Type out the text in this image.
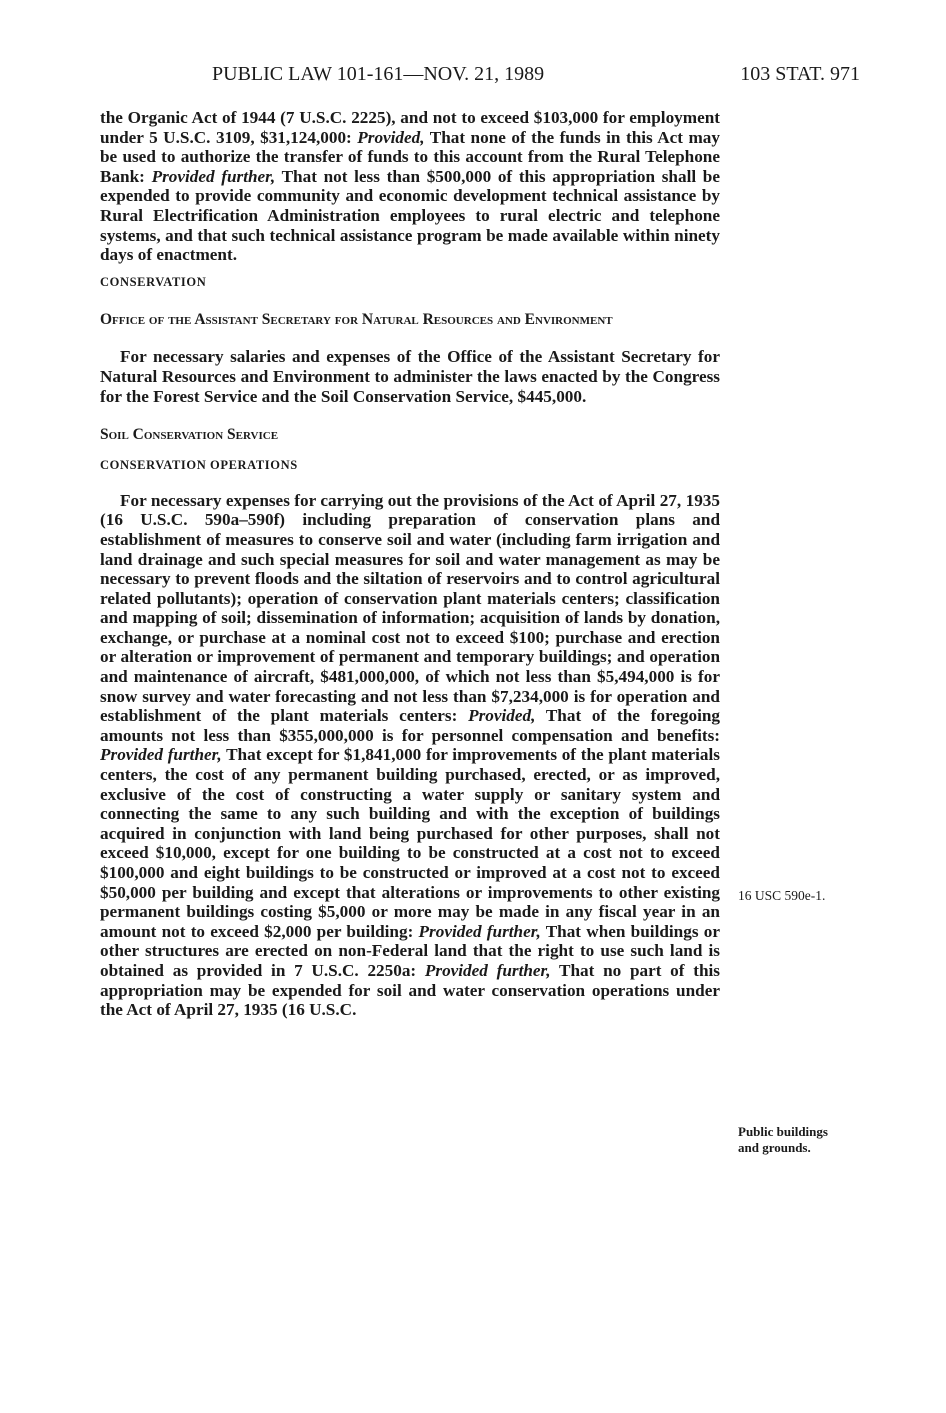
PUBLIC LAW 101-161—NOV. 21, 1989	103 STAT. 971

the Organic Act of 1944 (7 U.S.C. 2225), and not to exceed $103,000 for employment under 5 U.S.C. 3109, $31,124,000: Provided, That none of the funds in this Act may be used to authorize the transfer of funds to this account from the Rural Telephone Bank: Provided further, That not less than $500,000 of this appropriation shall be expended to provide community and economic development technical assistance by Rural Electrification Administration employees to rural electric and telephone systems, and that such technical assistance program be made available within ninety days of enactment.

CONSERVATION

Office of the Assistant Secretary for Natural Resources and Environment

For necessary salaries and expenses of the Office of the Assistant Secretary for Natural Resources and Environment to administer the laws enacted by the Congress for the Forest Service and the Soil Conservation Service, $445,000.

Soil Conservation Service

CONSERVATION OPERATIONS

For necessary expenses for carrying out the provisions of the Act of April 27, 1935 (16 U.S.C. 590a–590f) including preparation of conservation plans and establishment of measures to conserve soil and water (including farm irrigation and land drainage and such special measures for soil and water management as may be necessary to prevent floods and the siltation of reservoirs and to control agricultural related pollutants); operation of conservation plant materials centers; classification and mapping of soil; dissemination of information; acquisition of lands by donation, exchange, or purchase at a nominal cost not to exceed $100; purchase and erection or alteration or improvement of permanent and temporary buildings; and operation and maintenance of aircraft, $481,000,000, of which not less than $5,494,000 is for snow survey and water forecasting and not less than $7,234,000 is for operation and establishment of the plant materials centers: Provided, That of the foregoing amounts not less than $355,000,000 is for personnel compensation and benefits: Provided further, That except for $1,841,000 for improvements of the plant materials centers, the cost of any permanent building purchased, erected, or as improved, exclusive of the cost of constructing a water supply or sanitary system and connecting the same to any such building and with the exception of buildings acquired in conjunction with land being purchased for other purposes, shall not exceed $10,000, except for one building to be constructed at a cost not to exceed $100,000 and eight buildings to be constructed or improved at a cost not to exceed $50,000 per building and except that alterations or improvements to other existing permanent buildings costing $5,000 or more may be made in any fiscal year in an amount not to exceed $2,000 per building: Provided further, That when buildings or other structures are erected on non-Federal land that the right to use such land is obtained as provided in 7 U.S.C. 2250a: Provided further, That no part of this appropriation may be expended for soil and water conservation operations under the Act of April 27, 1935 (16 U.S.C.

16 USC 590e-1.
Public buildings
and grounds.
